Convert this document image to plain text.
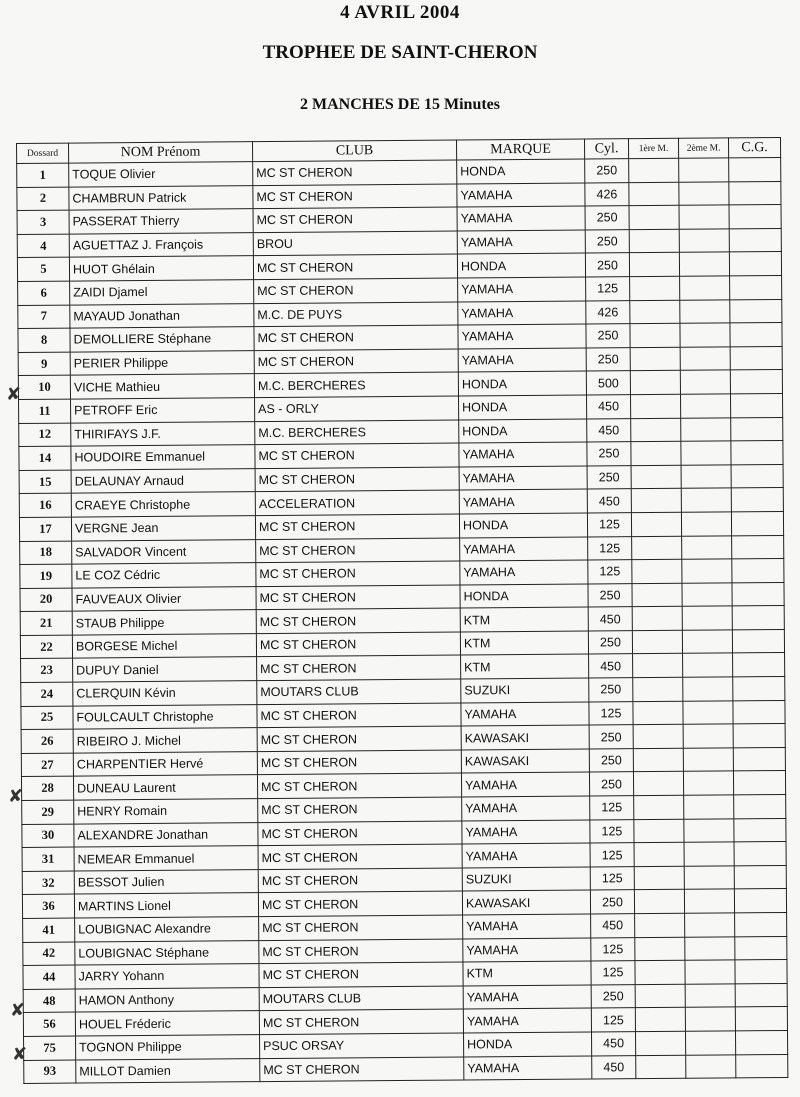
4 AVRIL 2004
TROPHEE DE SAINT-CHERON
2 MANCHES DE 15 Minutes
Dossard	NOM Prénom	CLUB	MARQUE	Cyl.	1ère M.	2ème M.	C.G.
1	TOQUE Olivier	MC ST CHERON	HONDA	250			
2	CHAMBRUN Patrick	MC ST CHERON	YAMAHA	426			
3	PASSERAT Thierry	MC ST CHERON	YAMAHA	250			
4	AGUETTAZ J. François	BROU	YAMAHA	250			
5	HUOT Ghélain	MC ST CHERON	HONDA	250			
6	ZAIDI Djamel	MC ST CHERON	YAMAHA	125			
7	MAYAUD Jonathan	M.C. DE PUYS	YAMAHA	426			
8	DEMOLLIERE Stéphane	MC ST CHERON	YAMAHA	250			
9	PERIER Philippe	MC ST CHERON	YAMAHA	250			
10	VICHE Mathieu	M.C. BERCHERES	HONDA	500			
11	PETROFF Eric	AS - ORLY	HONDA	450			
12	THIRIFAYS J.F.	M.C. BERCHERES	HONDA	450			
14	HOUDOIRE Emmanuel	MC ST CHERON	YAMAHA	250			
15	DELAUNAY Arnaud	MC ST CHERON	YAMAHA	250			
16	CRAEYE Christophe	ACCELERATION	YAMAHA	450			
17	VERGNE Jean	MC ST CHERON	HONDA	125			
18	SALVADOR Vincent	MC ST CHERON	YAMAHA	125			
19	LE COZ Cédric	MC ST CHERON	YAMAHA	125			
20	FAUVEAUX Olivier	MC ST CHERON	HONDA	250			
21	STAUB Philippe	MC ST CHERON	KTM	450			
22	BORGESE Michel	MC ST CHERON	KTM	250			
23	DUPUY Daniel	MC ST CHERON	KTM	450			
24	CLERQUIN Kévin	MOUTARS CLUB	SUZUKI	250			
25	FOULCAULT Christophe	MC ST CHERON	YAMAHA	125			
26	RIBEIRO J. Michel	MC ST CHERON	KAWASAKI	250			
27	CHARPENTIER Hervé	MC ST CHERON	KAWASAKI	250			
28	DUNEAU Laurent	MC ST CHERON	YAMAHA	250			
29	HENRY Romain	MC ST CHERON	YAMAHA	125			
30	ALEXANDRE Jonathan	MC ST CHERON	YAMAHA	125			
31	NEMEAR Emmanuel	MC ST CHERON	YAMAHA	125			
32	BESSOT Julien	MC ST CHERON	SUZUKI	125			
36	MARTINS Lionel	MC ST CHERON	KAWASAKI	250			
41	LOUBIGNAC Alexandre	MC ST CHERON	YAMAHA	450			
42	LOUBIGNAC Stéphane	MC ST CHERON	YAMAHA	125			
44	JARRY Yohann	MC ST CHERON	KTM	125			
48	HAMON Anthony	MOUTARS CLUB	YAMAHA	250			
56	HOUEL Fréderic	MC ST CHERON	YAMAHA	125			
75	TOGNON Philippe	PSUC ORSAY	HONDA	450			
93	MILLOT Damien	MC ST CHERON	YAMAHA	450			
✘
✘
✘
✘
